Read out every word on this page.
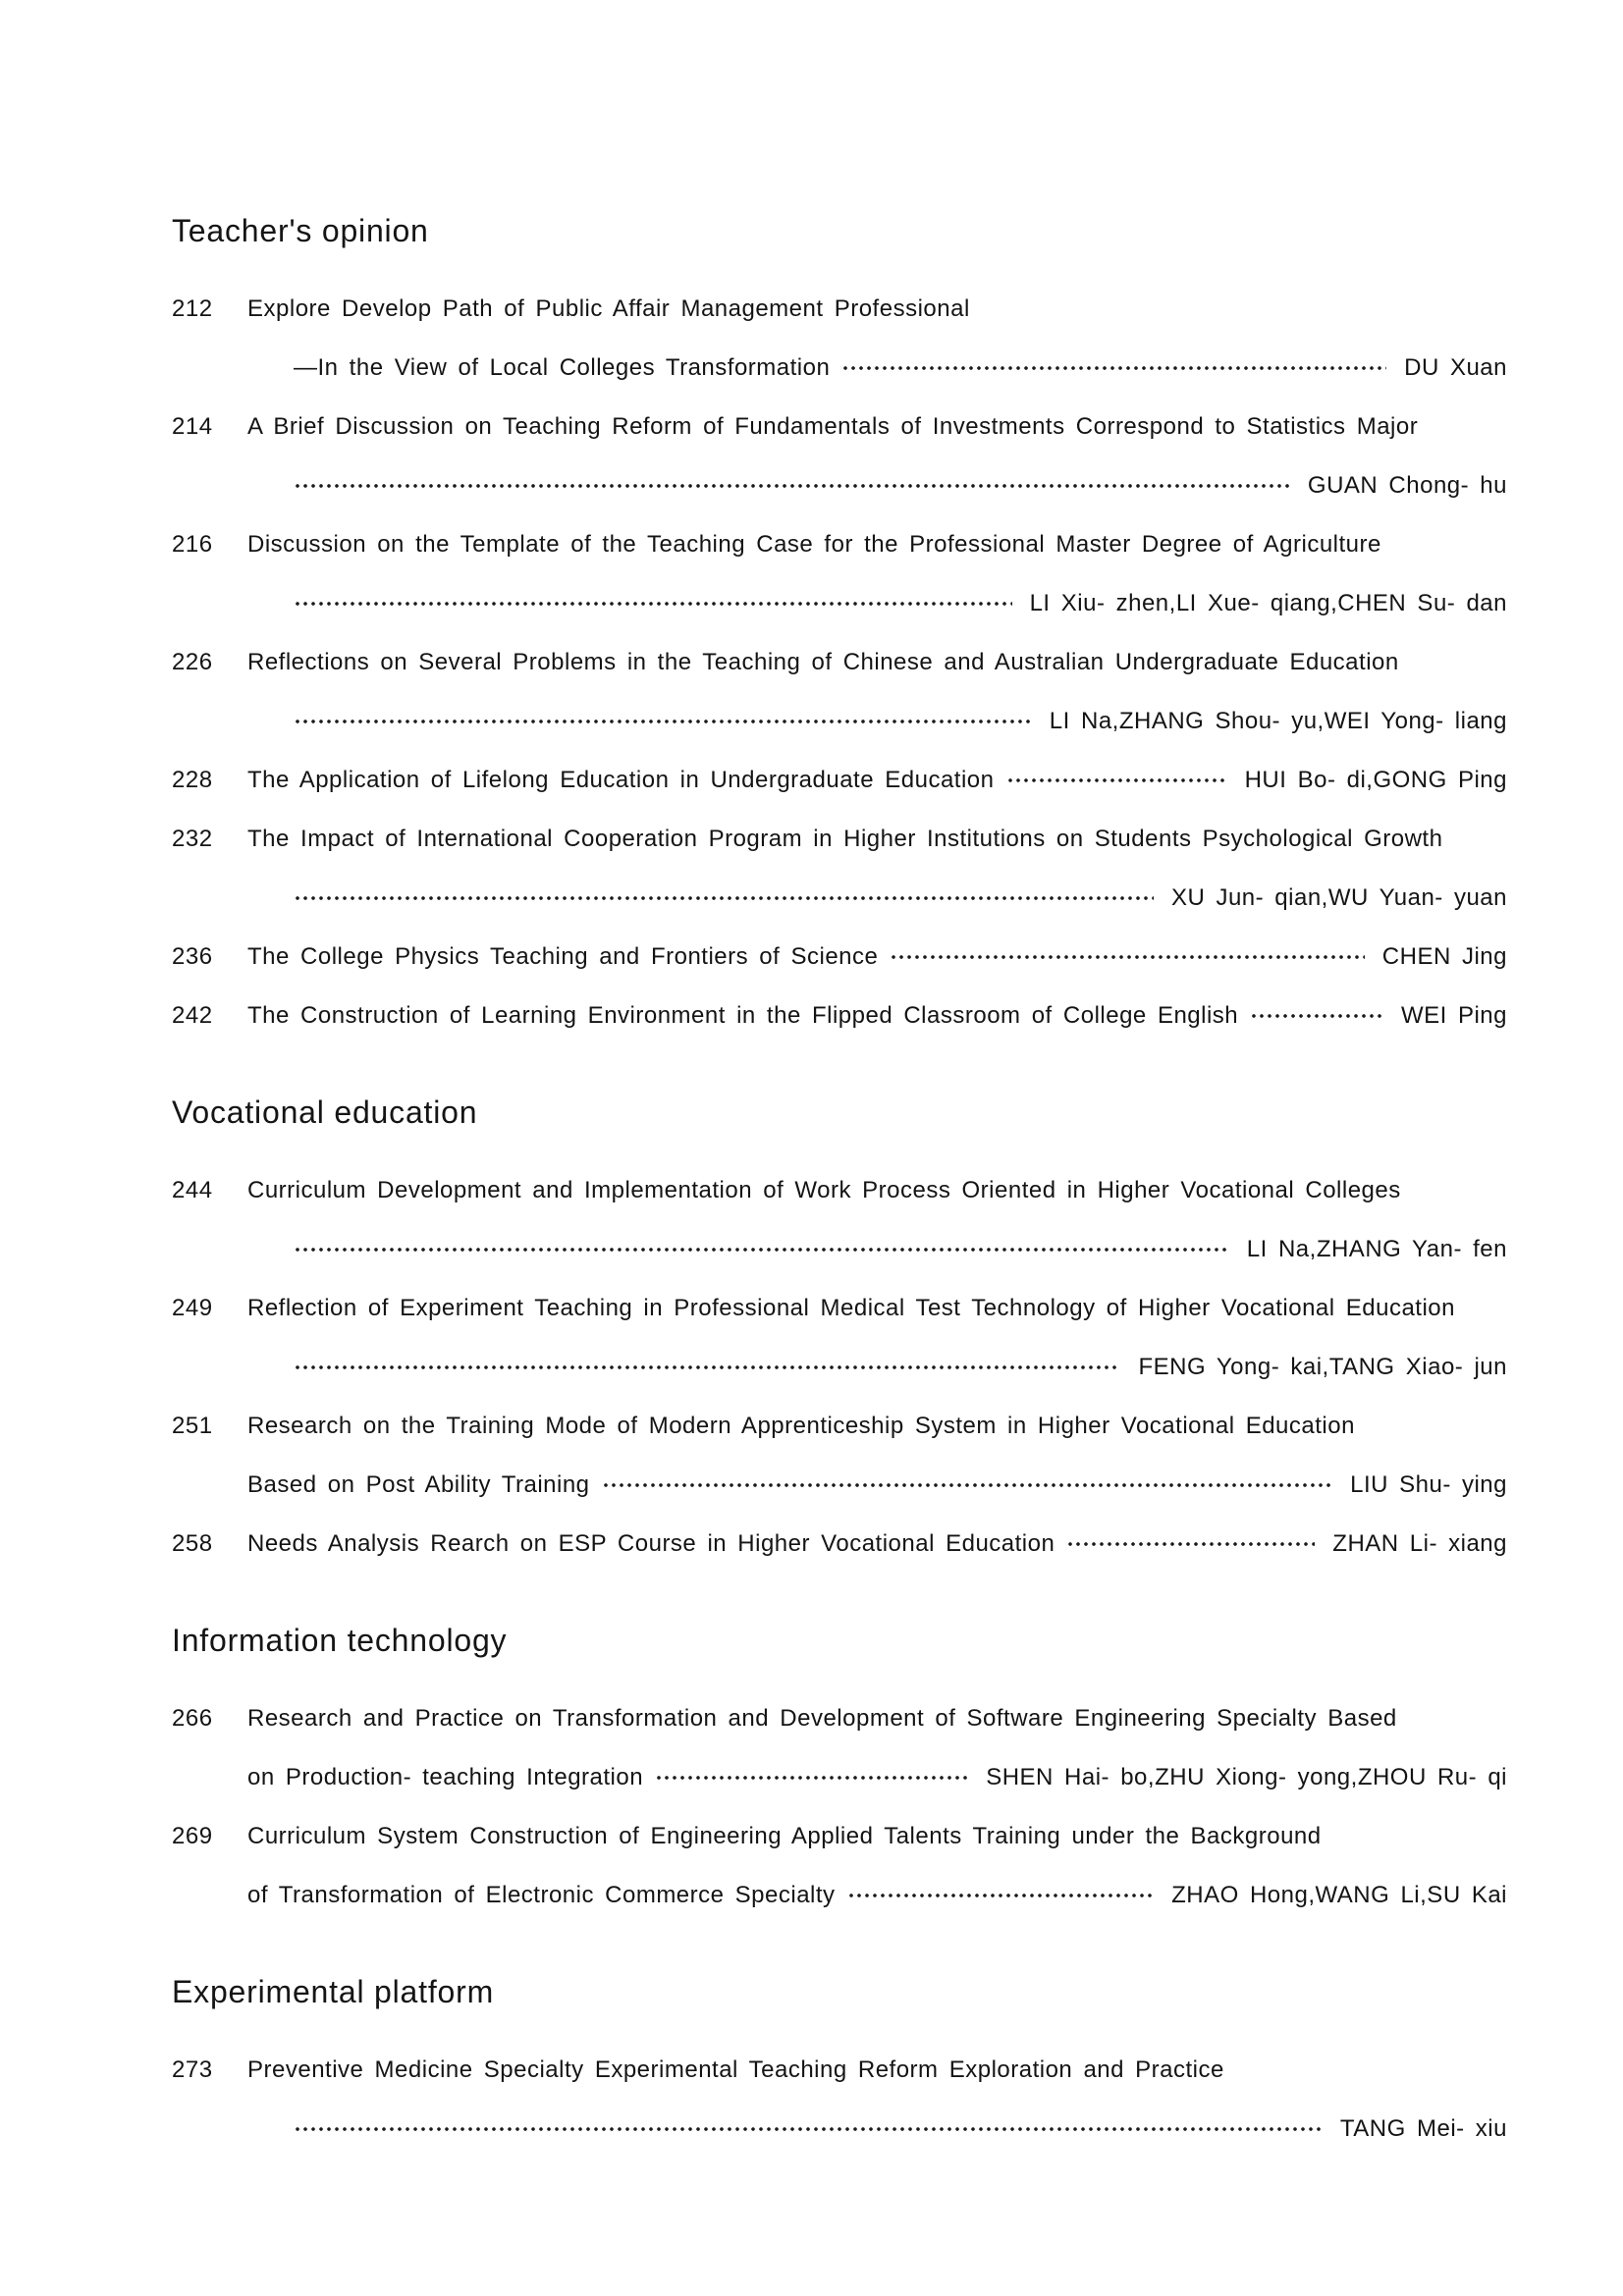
Teacher's opinion
212	Explore Develop Path of Public Affair Management Professional
—In the View of Local Colleges Transformation	DU Xuan
214	A Brief Discussion on Teaching Reform of Fundamentals of Investments Correspond to Statistics Major
GUAN Chong- hu
216	Discussion on the Template of the Teaching Case for the Professional Master Degree of Agriculture
LI Xiu- zhen,LI Xue- qiang,CHEN Su- dan
226	Reflections on Several Problems in the Teaching of Chinese and Australian Undergraduate Education
LI Na,ZHANG Shou- yu,WEI Yong- liang
228	The Application of Lifelong Education in Undergraduate Education	HUI Bo- di,GONG Ping
232	The Impact of International Cooperation Program in Higher Institutions on Students Psychological Growth
XU Jun- qian,WU Yuan- yuan
236	The College Physics Teaching and Frontiers of Science	CHEN Jing
242	The Construction of Learning Environment in the Flipped Classroom of College English	WEI Ping
Vocational education
244	Curriculum Development and Implementation of Work Process Oriented in Higher Vocational Colleges
LI Na,ZHANG Yan- fen
249	Reflection of Experiment Teaching in Professional Medical Test Technology of Higher Vocational Education
FENG Yong- kai,TANG Xiao- jun
251	Research on the Training Mode of Modern Apprenticeship System in Higher Vocational Education
Based on Post Ability Training	LIU Shu- ying
258	Needs Analysis Rearch on ESP Course in Higher Vocational Education	ZHAN Li- xiang
Information technology
266	Research and Practice on Transformation and Development of Software Engineering Specialty Based
on Production- teaching Integration	SHEN Hai- bo,ZHU Xiong- yong,ZHOU Ru- qi
269	Curriculum System Construction of Engineering Applied Talents Training under the Background
of Transformation of Electronic Commerce Specialty	ZHAO Hong,WANG Li,SU Kai
Experimental platform
273	Preventive Medicine Specialty Experimental Teaching Reform Exploration and Practice
TANG Mei- xiu
